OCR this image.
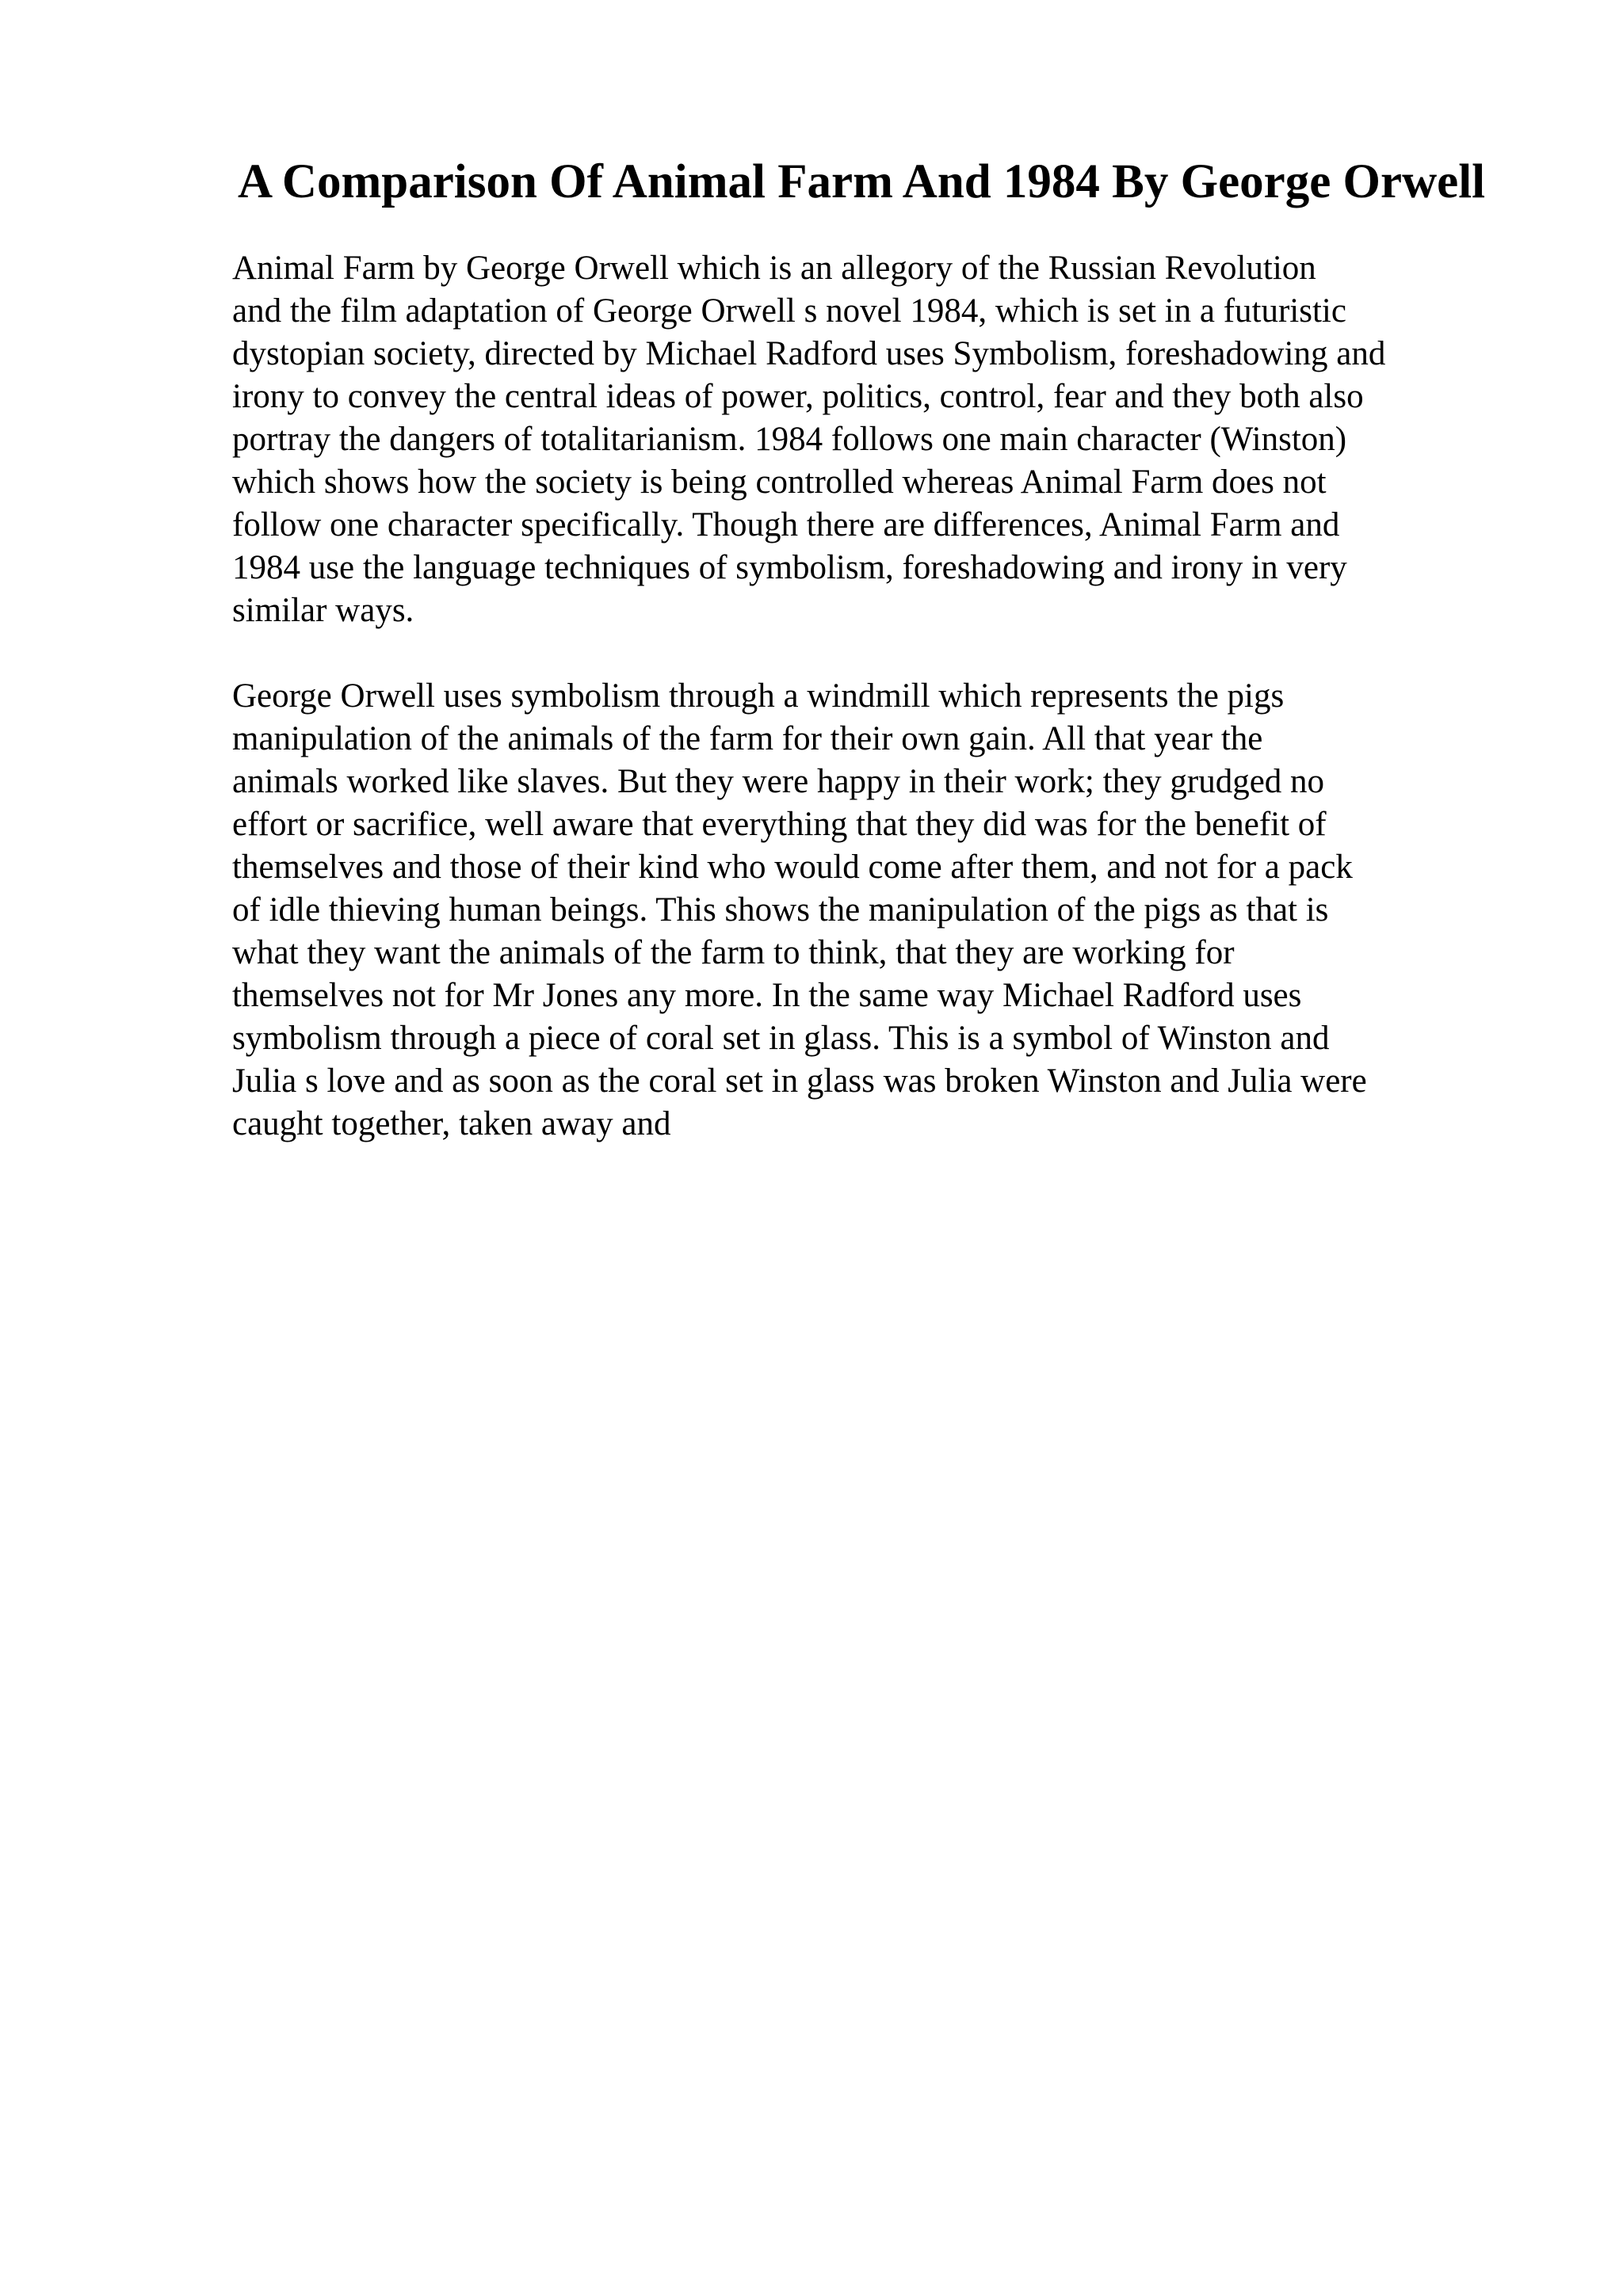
A Comparison Of Animal Farm And 1984 By George Orwell

Animal Farm by George Orwell which is an allegory of the Russian Revolution
and the film adaptation of George Orwell s novel 1984, which is set in a futuristic
dystopian society, directed by Michael Radford uses Symbolism, foreshadowing and
irony to convey the central ideas of power, politics, control, fear and they both also
portray the dangers of totalitarianism. 1984 follows one main character (Winston)
which shows how the society is being controlled whereas Animal Farm does not
follow one character specifically. Though there are differences, Animal Farm and
1984 use the language techniques of symbolism, foreshadowing and irony in very
similar ways.

George Orwell uses symbolism through a windmill which represents the pigs
manipulation of the animals of the farm for their own gain. All that year the
animals worked like slaves. But they were happy in their work; they grudged no
effort or sacrifice, well aware that everything that they did was for the benefit of
themselves and those of their kind who would come after them, and not for a pack
of idle thieving human beings. This shows the manipulation of the pigs as that is
what they want the animals of the farm to think, that they are working for
themselves not for Mr Jones any more. In the same way Michael Radford uses
symbolism through a piece of coral set in glass. This is a symbol of Winston and
Julia s love and as soon as the coral set in glass was broken Winston and Julia were
caught together, taken away and
